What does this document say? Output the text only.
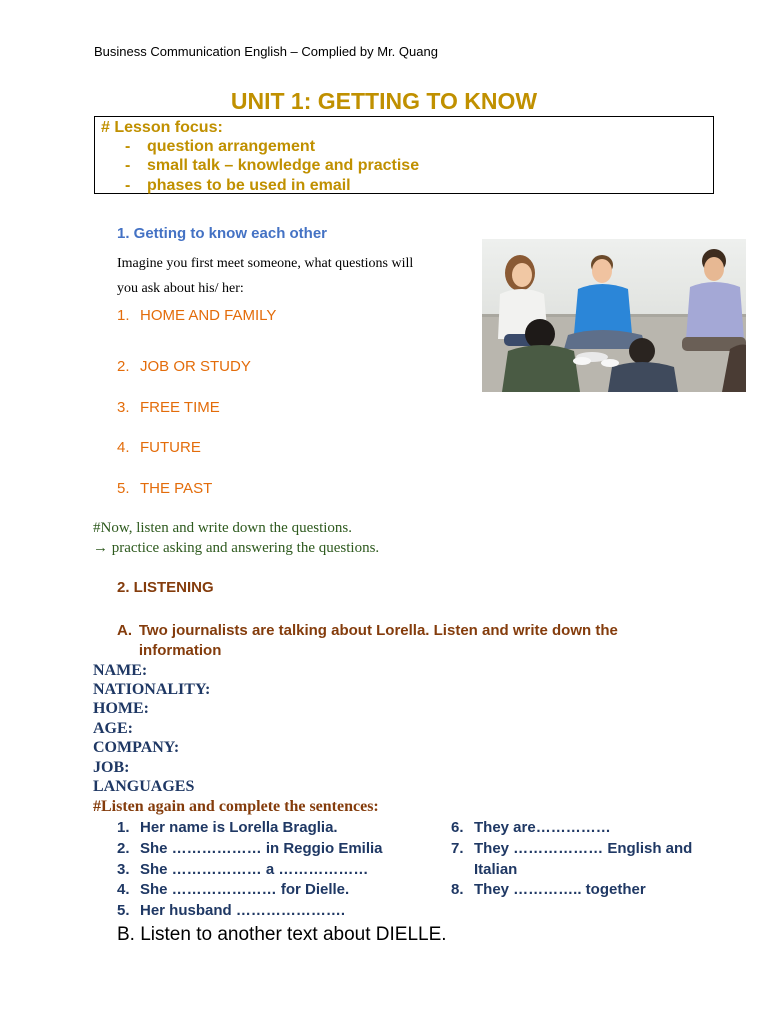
Business Communication English – Complied by Mr. Quang
UNIT 1: GETTING TO KNOW
# Lesson focus:
- question arrangement
- small talk – knowledge and practise
- phases to be used in email
1. Getting to know each other
Imagine you first meet someone, what questions will
you ask about his/ her:
1. HOME AND FAMILY
2. JOB OR STUDY
3. FREE TIME
4. FUTURE
5. THE PAST
#Now, listen and write down the questions.
→ practice asking and answering the questions.
2. LISTENING
A. Two journalists are talking about Lorella. Listen and write down the information
NAME:
NATIONALITY:
HOME:
AGE:
COMPANY:
JOB:
LANGUAGES
#Listen again and complete the sentences:
1. Her name is Lorella Braglia.
2. She ……………… in Reggio Emilia
3. She ……………… a ………………
4. She ………………… for Dielle.
5. Her husband ………………….
6. They are……………
7. They ……………… English and
Italian
8. They ………….. together
B. Listen to another text about DIELLE.
